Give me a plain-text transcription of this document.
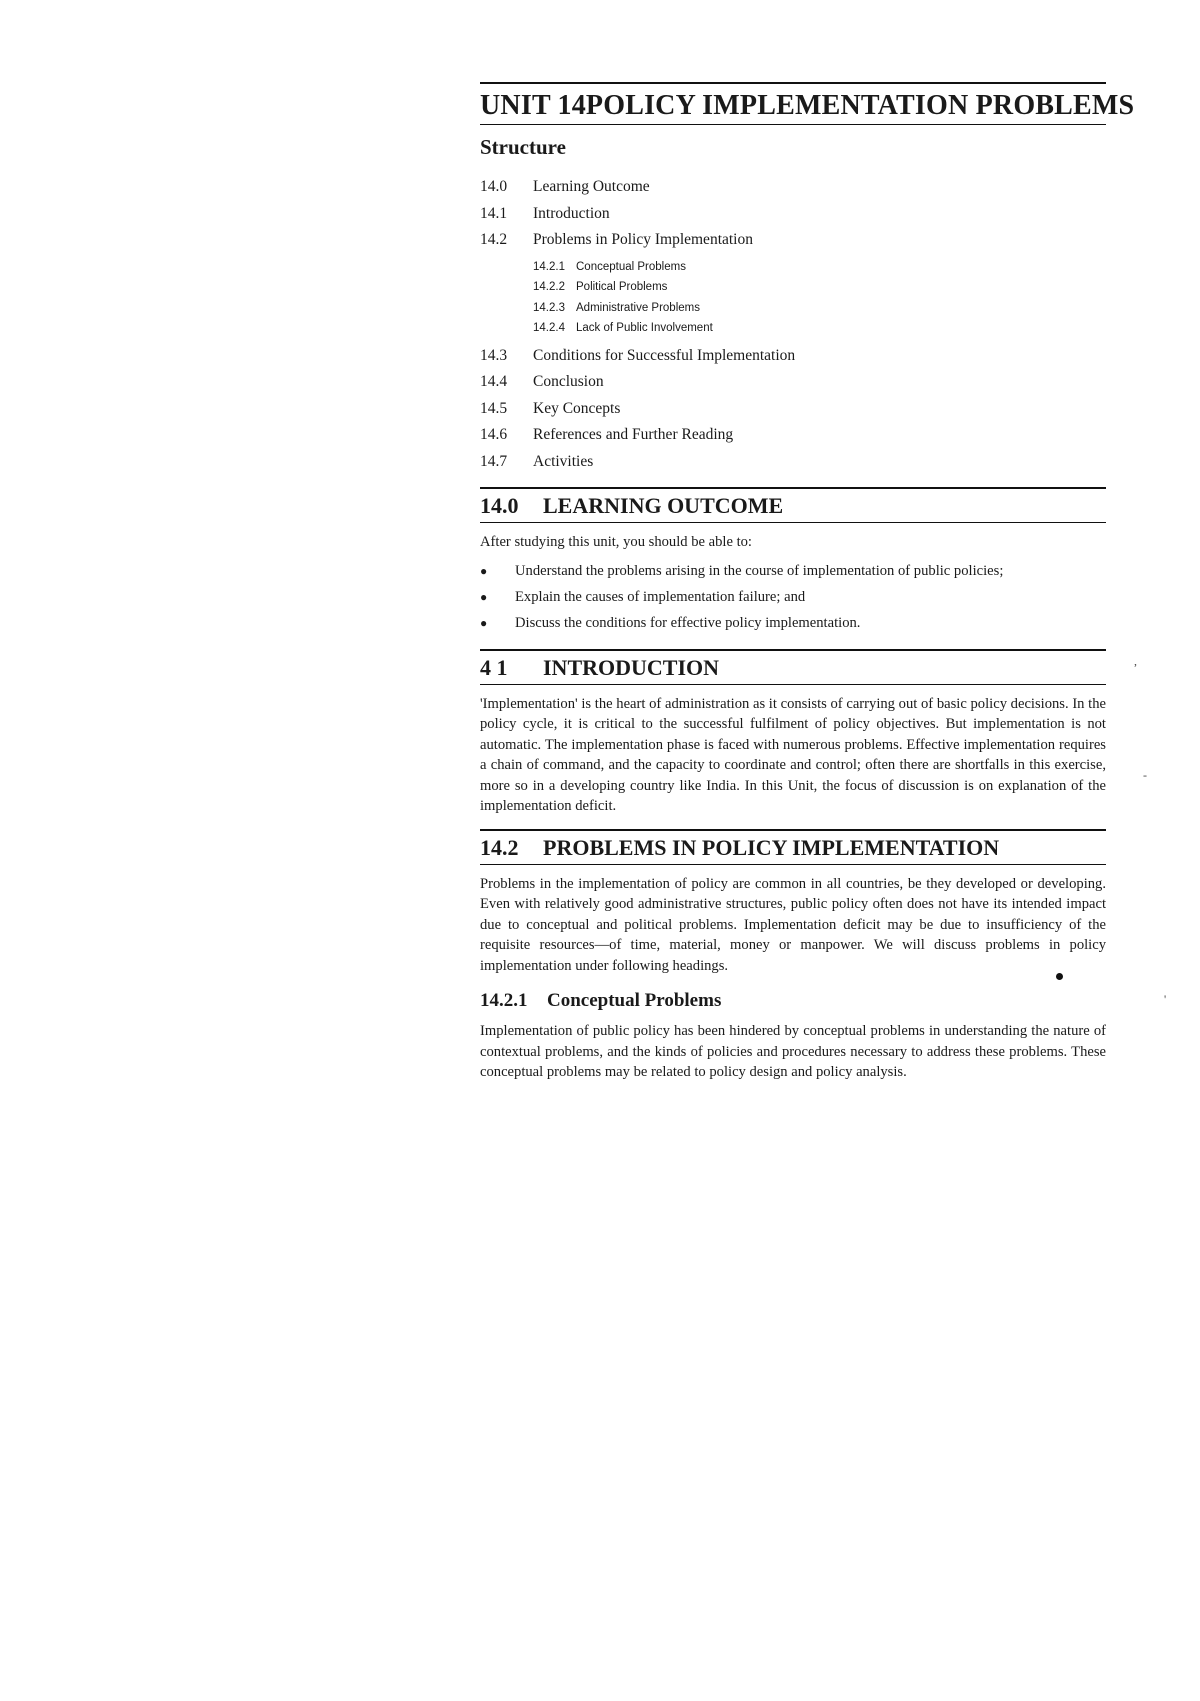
UNIT 14 POLICY IMPLEMENTATION PROBLEMS
Structure
14.0	Learning Outcome
14.1	Introduction
14.2	Problems in Policy Implementation
14.2.1 Conceptual Problems
14.2.2 Political Problems
14.2.3 Administrative Problems
14.2.4 Lack of Public Involvement
14.3	Conditions for Successful Implementation
14.4	Conclusion
14.5	Key Concepts
14.6	References and Further Reading
14.7	Activities
14.0	LEARNING OUTCOME

After studying this unit, you should be able to:

●	Understand the problems arising in the course of implementation of public policies;
●	Explain the causes of implementation failure; and
●	Discuss the conditions for effective policy implementation.
4 1	INTRODUCTION

'Implementation' is the heart of administration as it consists of carrying out of basic policy decisions. In the policy cycle, it is critical to the successful fulfilment of policy objectives. But implementation is not automatic. The implementation phase is faced with numerous problems. Effective implementation requires a chain of command, and the capacity to coordinate and control; often there are shortfalls in this exercise, more so in a developing country like India. In this Unit, the focus of discussion is on explanation of the implementation deficit.

14.2	PROBLEMS IN POLICY IMPLEMENTATION

Problems in the implementation of policy are common in all countries, be they developed or developing. Even with relatively good administrative structures, public policy often does not have its intended impact due to conceptual and political problems. Implementation deficit may be due to insufficiency of the requisite resources—of time, material, money or manpower. We will discuss problems in policy implementation under following headings.

14.2.1	Conceptual Problems

Implementation of public policy has been hindered by conceptual problems in understanding the nature of contextual problems, and the kinds of policies and procedures necessary to address these problems. These conceptual problems may be related to policy design and policy analysis.

,
-
'
